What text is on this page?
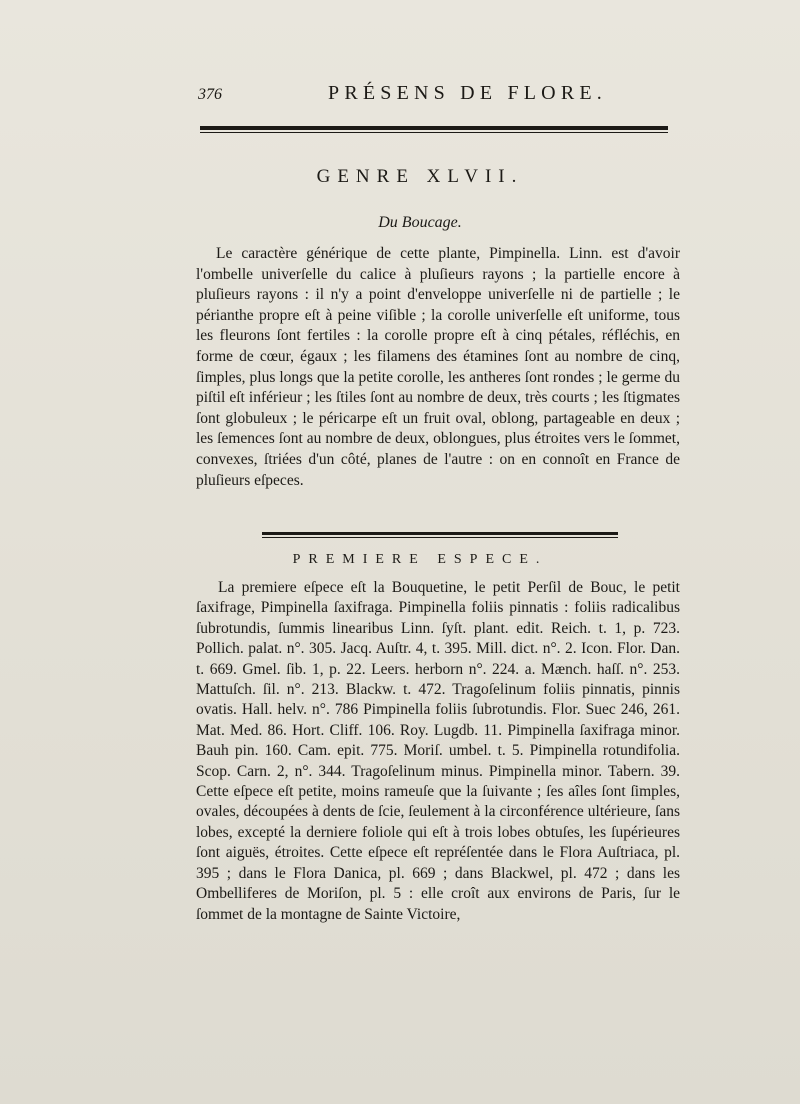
376	PRÉSENS DE FLORE.
GENRE XLVII.
Du Boucage.

Le caractère générique de cette plante, Pimpinella. Linn. est d'avoir l'ombelle univerſelle du calice à pluſieurs rayons ; la partielle encore à pluſieurs rayons : il n'y a point d'enveloppe univerſelle ni de partielle ; le périanthe propre eſt à peine viſible ; la corolle univerſelle eſt uniforme, tous les fleurons ſont fertiles : la corolle propre eſt à cinq pétales, réfléchis, en forme de cœur, égaux ; les filamens des étamines ſont au nombre de cinq, ſimples, plus longs que la petite corolle, les antheres ſont rondes ; le germe du piſtil eſt inférieur ; les ſtiles ſont au nombre de deux, très courts ; les ſtigmates ſont globuleux ; le péricarpe eſt un fruit oval, oblong, partageable en deux ; les ſemences ſont au nombre de deux, oblongues, plus étroites vers le ſommet, convexes, ſtriées d'un côté, planes de l'autre : on en connoît en France de pluſieurs eſpeces.

PREMIERE ESPECE.

La premiere eſpece eſt la Bouquetine, le petit Perſil de Bouc, le petit ſaxifrage, Pimpinella ſaxifraga. Pimpinella foliis pinnatis : foliis radicalibus ſubrotundis, ſummis linearibus Linn. ſyſt. plant. edit. Reich. t. 1, p. 723. Pollich. palat. n°. 305. Jacq. Auſtr. 4, t. 395. Mill. dict. n°. 2. Icon. Flor. Dan. t. 669. Gmel. ſib. 1, p. 22. Leers. herborn n°. 224. a. Mænch. haſſ. n°. 253. Mattuſch. ſil. n°. 213. Blackw. t. 472. Tragoſelinum foliis pinnatis, pinnis ovatis. Hall. helv. n°. 786 Pimpinella foliis ſubrotundis. Flor. Suec 246, 261. Mat. Med. 86. Hort. Cliff. 106. Roy. Lugdb. 11. Pimpinella ſaxifraga minor. Bauh pin. 160. Cam. epit. 775. Moriſ. umbel. t. 5. Pimpinella rotundifolia. Scop. Carn. 2, n°. 344. Tragoſelinum minus. Pimpinella minor. Tabern. 39. Cette eſpece eſt petite, moins rameuſe que la ſuivante ; ſes aîles ſont ſimples, ovales, découpées à dents de ſcie, ſeulement à la circonférence ultérieure, ſans lobes, excepté la derniere foliole qui eſt à trois lobes obtuſes, les ſupérieures ſont aiguës, étroites. Cette eſpece eſt repréſentée dans le Flora Auſtriaca, pl. 395 ; dans le Flora Danica, pl. 669 ; dans Blackwel, pl. 472 ; dans les Ombelliferes de Moriſon, pl. 5 : elle croît aux environs de Paris, ſur le ſommet de la montagne de Sainte Victoire,
